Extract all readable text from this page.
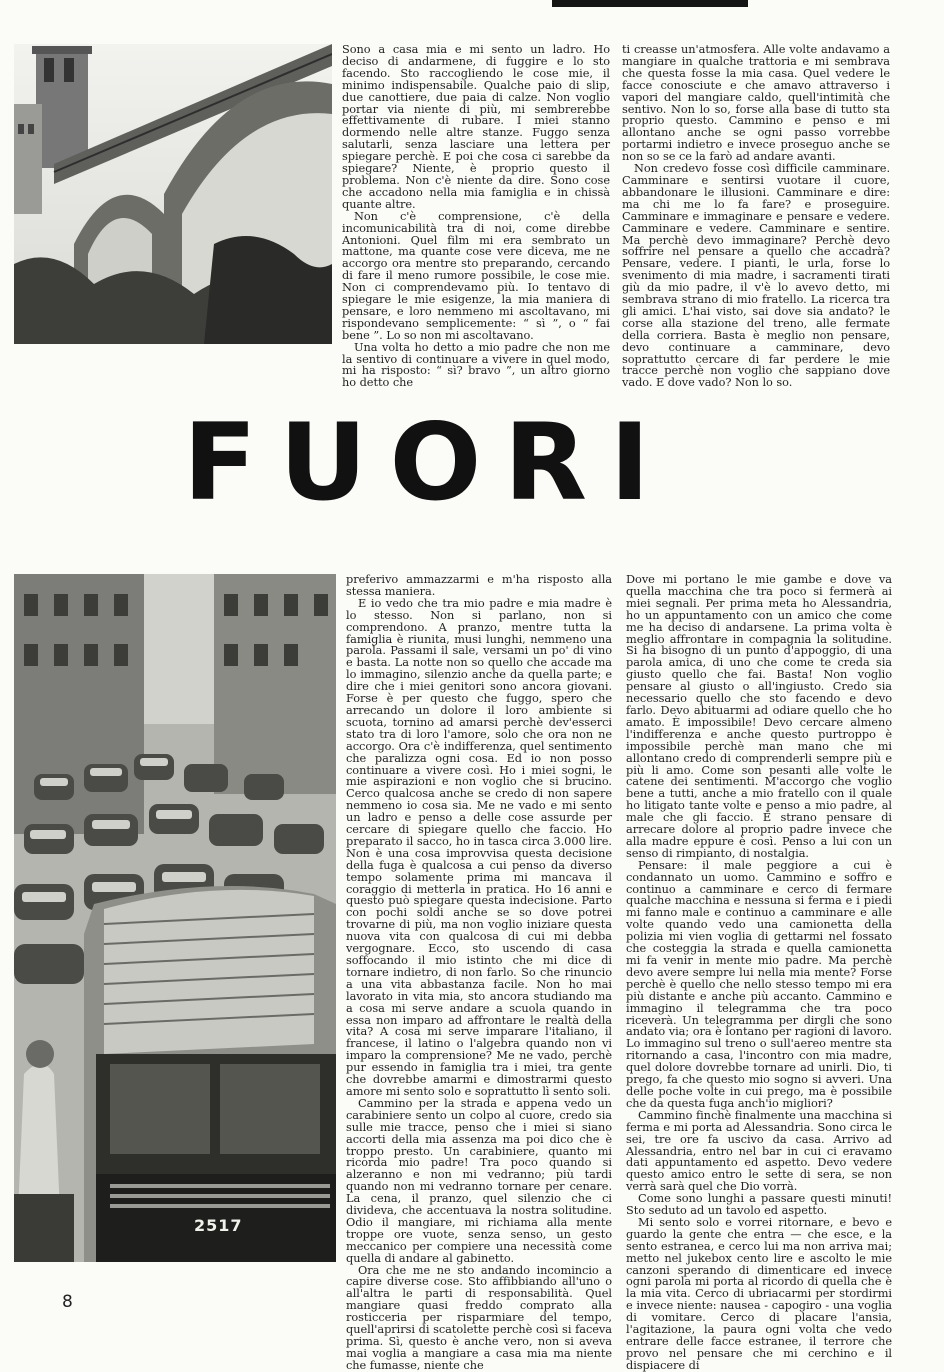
Sono a casa mia e mi sento un ladro. Ho deciso di andarmene, di fuggire e lo sto facendo. Sto raccogliendo le cose mie, il minimo indispensabile. Qualche paio di slip, due canottiere, due paia di calze. Non voglio portar via niente di più, mi sembrerebbe effettivamente di rubare. I miei stanno dormendo nelle altre stanze. Fuggo senza salutarli, senza lasciare una lettera per spiegare perchè. E poi che cosa ci sarebbe da spiegare? Niente, è proprio questo il problema. Non c'è niente da dire. Sono cose che accadono nella mia famiglia e in chissà quante altre.

Non c'è comprensione, c'è della incomunicabilità tra di noi, come direbbe Antonioni. Quel film mi era sembrato un mattone, ma quante cose vere diceva, me ne accorgo ora mentre sto preparando, cercando di fare il meno rumore possibile, le cose mie. Non ci comprendevamo più. Io tentavo di spiegare le mie esigenze, la mia maniera di pensare, e loro nemmeno mi ascoltavano, mi rispondevano semplicemente: “ sì ”, o “ fai bene ”. Lo so non mi ascoltavano.

Una volta ho detto a mio padre che non me la sentivo di continuare a vivere in quel modo, mi ha risposto: “ sì? bravo ”, un altro giorno ho detto che

ti creasse un'atmosfera. Alle volte andavamo a mangiare in qualche trattoria e mi sembrava che questa fosse la mia casa. Quel vedere le facce conosciute e che amavo attraverso i vapori del mangiare caldo, quell'intimità che sentivo. Non lo so, forse alla base di tutto sta proprio questo. Cammino e penso e mi allontano anche se ogni passo vorrebbe portarmi indietro e invece proseguo anche se non so se ce la farò ad andare avanti.

Non credevo fosse così difficile camminare. Camminare e sentirsi vuotare il cuore, abbandonare le illusioni. Camminare e dire: ma chi me lo fa fare? e proseguire. Camminare e immaginare e pensare e vedere. Camminare e vedere. Camminare e sentire. Ma perchè devo immaginare? Perchè devo soffrire nel pensare a quello che accadrà? Pensare, vedere. I pianti, le urla, forse lo svenimento di mia madre, i sacramenti tirati giù da mio padre, il v'è lo avevo detto, mi sembrava strano di mio fratello. La ricerca tra gli amici. L'hai visto, sai dove sia andato? le corse alla stazione del treno, alle fermate della corriera. Basta è meglio non pensare, devo continuare a camminare, devo soprattutto cercare di far perdere le mie tracce perchè non voglio che sappiano dove vado. E dove vado? Non lo so.

FUORI
2517

preferivo ammazzarmi e m'ha risposto alla stessa maniera.

E io vedo che tra mio padre e mia madre è lo stesso. Non si parlano, non si comprendono. A pranzo, mentre tutta la famiglia è riunita, musi lunghi, nemmeno una parola. Passami il sale, versami un po' di vino e basta. La notte non so quello che accade ma lo immagino, silenzio anche da quella parte; e dire che i miei genitori sono ancora giovani. Forse è per questo che fuggo, spero che arrecando un dolore il loro ambiente si scuota, tornino ad amarsi perchè dev'esserci stato tra di loro l'amore, solo che ora non ne accorgo. Ora c'è indifferenza, quel sentimento che paralizza ogni cosa. Ed io non posso continuare a vivere così. Ho i miei sogni, le mie aspirazioni e non voglio che si brucino. Cerco qualcosa anche se credo di non sapere nemmeno io cosa sia. Me ne vado e mi sento un ladro e penso a delle cose assurde per cercare di spiegare quello che faccio. Ho preparato il sacco, ho in tasca circa 3.000 lire. Non è una cosa improvvisa questa decisione della fuga è qualcosa a cui penso da diverso tempo solamente prima mi mancava il coraggio di metterla in pratica. Ho 16 anni e questo può spiegare questa indecisione. Parto con pochi soldi anche se so dove potrei trovarne di più, ma non voglio iniziare questa nuova vita con qualcosa di cui mi debba vergognare. Ecco, sto uscendo di casa soffocando il mio istinto che mi dice di tornare indietro, di non farlo. So che rinuncio a una vita abbastanza facile. Non ho mai lavorato in vita mia, sto ancora studiando ma a cosa mi serve andare a scuola quando in essa non imparo ad affrontare le realtà della vita? A cosa mi serve imparare l'italiano, il francese, il latino o l'algebra quando non vi imparo la comprensione? Me ne vado, perchè pur essendo in famiglia tra i miei, tra gente che dovrebbe amarmi e dimostrarmi questo amore mi sento solo e soprattutto lì sento soli.

Cammino per la strada e appena vedo un carabiniere sento un colpo al cuore, credo sia sulle mie tracce, penso che i miei si siano accorti della mia assenza ma poi dico che è troppo presto. Un carabiniere, quanto mi ricorda mio padre! Tra poco quando si alzeranno e non mi vedranno; più tardi quando non mi vedranno tornare per cenare. La cena, il pranzo, quel silenzio che ci divideva, che accentuava la nostra solitudine. Odio il mangiare, mi richiama alla mente troppe ore vuote, senza senso, un gesto meccanico per compiere una necessità come quella di andare al gabinetto.

Ora che me ne sto andando incomincio a capire diverse cose. Sto affibbiando all'uno o all'altra le parti di responsabilità. Quel mangiare quasi freddo comprato alla rosticceria per risparmiare del tempo, quell'aprirsi di scatolette perchè così si faceva prima. Sì, questo è anche vero, non si aveva mai voglia a mangiare a casa mia ma niente che fumasse, niente che

Dove mi portano le mie gambe e dove va quella macchina che tra poco si fermerà ai miei segnali. Per prima meta ho Alessandria, ho un appuntamento con un amico che come me ha deciso di andarsene. La prima volta è meglio affrontare in compagnia la solitudine. Si ha bisogno di un punto d'appoggio, di una parola amica, di uno che come te creda sia giusto quello che fai. Basta! Non voglio pensare al giusto o all'ingiusto. Credo sia necessario quello che sto facendo e devo farlo. Devo abituarmi ad odiare quello che ho amato. È impossibile! Devo cercare almeno l'indifferenza e anche questo purtroppo è impossibile perchè man mano che mi allontano credo di comprenderli sempre più e più li amo. Come son pesanti alle volte le catene dei sentimenti. M'accorgo che voglio bene a tutti, anche a mio fratello con il quale ho litigato tante volte e penso a mio padre, al male che gli faccio. È strano pensare di arrecare dolore al proprio padre invece che alla madre eppure è così. Penso a lui con un senso di rimpianto, di nostalgia.

Pensare: il male peggiore a cui è condannato un uomo. Cammino e soffro e continuo a camminare e cerco di fermare qualche macchina e nessuna si ferma e i piedi mi fanno male e continuo a camminare e alle volte quando vedo una camionetta della polizia mi vien voglia di gettarmi nel fossato che costeggia la strada e quella camionetta mi fa venir in mente mio padre. Ma perchè devo avere sempre lui nella mia mente? Forse perchè è quello che nello stesso tempo mi era più distante e anche più accanto. Cammino e immagino il telegramma che tra poco riceverà. Un telegramma per dirgli che sono andato via; ora è lontano per ragioni di lavoro. Lo immagino sul treno o sull'aereo mentre sta ritornando a casa, l'incontro con mia madre, quel dolore dovrebbe tornare ad unirli. Dio, ti prego, fa che questo mio sogno si avveri. Una delle poche volte in cui prego, ma è possibile che da questa fuga anch'io migliori?

Cammino finchè finalmente una macchina si ferma e mi porta ad Alessandria. Sono circa le sei, tre ore fa uscivo da casa. Arrivo ad Alessandria, entro nel bar in cui ci eravamo dati appuntamento ed aspetto. Devo vedere questo amico entro le sette di sera, se non verrà sarà quel che Dio vorrà.

Come sono lunghi a passare questi minuti! Sto seduto ad un tavolo ed aspetto.

Mi sento solo e vorrei ritornare, e bevo e guardo la gente che entra — che esce, e la sento estranea, e cerco lui ma non arriva mai; metto nel jukebox cento lire e ascolto le mie canzoni sperando di dimenticare ed invece ogni parola mi porta al ricordo di quella che è la mia vita. Cerco di ubriacarmi per stordirmi e invece niente: nausea - capogiro - una voglia di vomitare. Cerco di placare l'ansia, l'agitazione, la paura ogni volta che vedo entrare delle facce estranee, il terrore che provo nel pensare che mi cerchino e il dispiacere di

8
